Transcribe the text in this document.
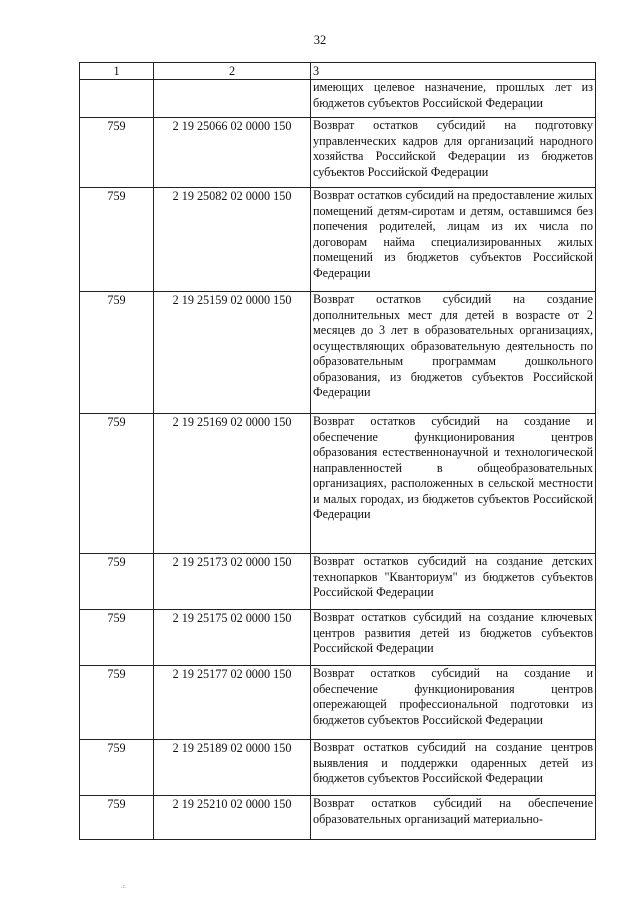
32
1	2	3
		имеющих целевое назначение, прошлых лет из бюджетов субъектов Российской Федерации
759	2 19 25066 02 0000 150	Возврат остатков субсидий на подготовку управленческих кадров для организаций народного хозяйства Российской Федерации из бюджетов субъектов Российской Федерации
759	2 19 25082 02 0000 150	Возврат остатков субсидий на предоставление жилых помещений детям-сиротам и детям, оставшимся без попечения родителей, лицам из их числа по договорам найма специализированных жилых помещений из бюджетов субъектов Российской Федерации
759	2 19 25159 02 0000 150	Возврат остатков субсидий на создание дополнительных мест для детей в возрасте от 2 месяцев до 3 лет в образовательных организациях, осуществляющих образовательную деятельность по образовательным программам дошкольного образования, из бюджетов субъектов Российской Федерации
759	2 19 25169 02 0000 150	Возврат остатков субсидий на создание и обеспечение функционирования центров образования естественнонаучной и технологической направленностей в общеобразовательных организациях, расположенных в сельской местности и малых городах, из бюджетов субъектов Российской Федерации
759	2 19 25173 02 0000 150	Возврат остатков субсидий на создание детских технопарков "Кванториум" из бюджетов субъектов Российской Федерации
759	2 19 25175 02 0000 150	Возврат остатков субсидий на создание ключевых центров развития детей из бюджетов субъектов Российской Федерации
759	2 19 25177 02 0000 150	Возврат остатков субсидий на создание и обеспечение функционирования центров опережающей профессиональной подготовки из бюджетов субъектов Российской Федерации
759	2 19 25189 02 0000 150	Возврат остатков субсидий на создание центров выявления и поддержки одаренных детей из бюджетов субъектов Российской Федерации
759	2 19 25210 02 0000 150	Возврат остатков субсидий на обеспечение образовательных организаций материально-
.::
